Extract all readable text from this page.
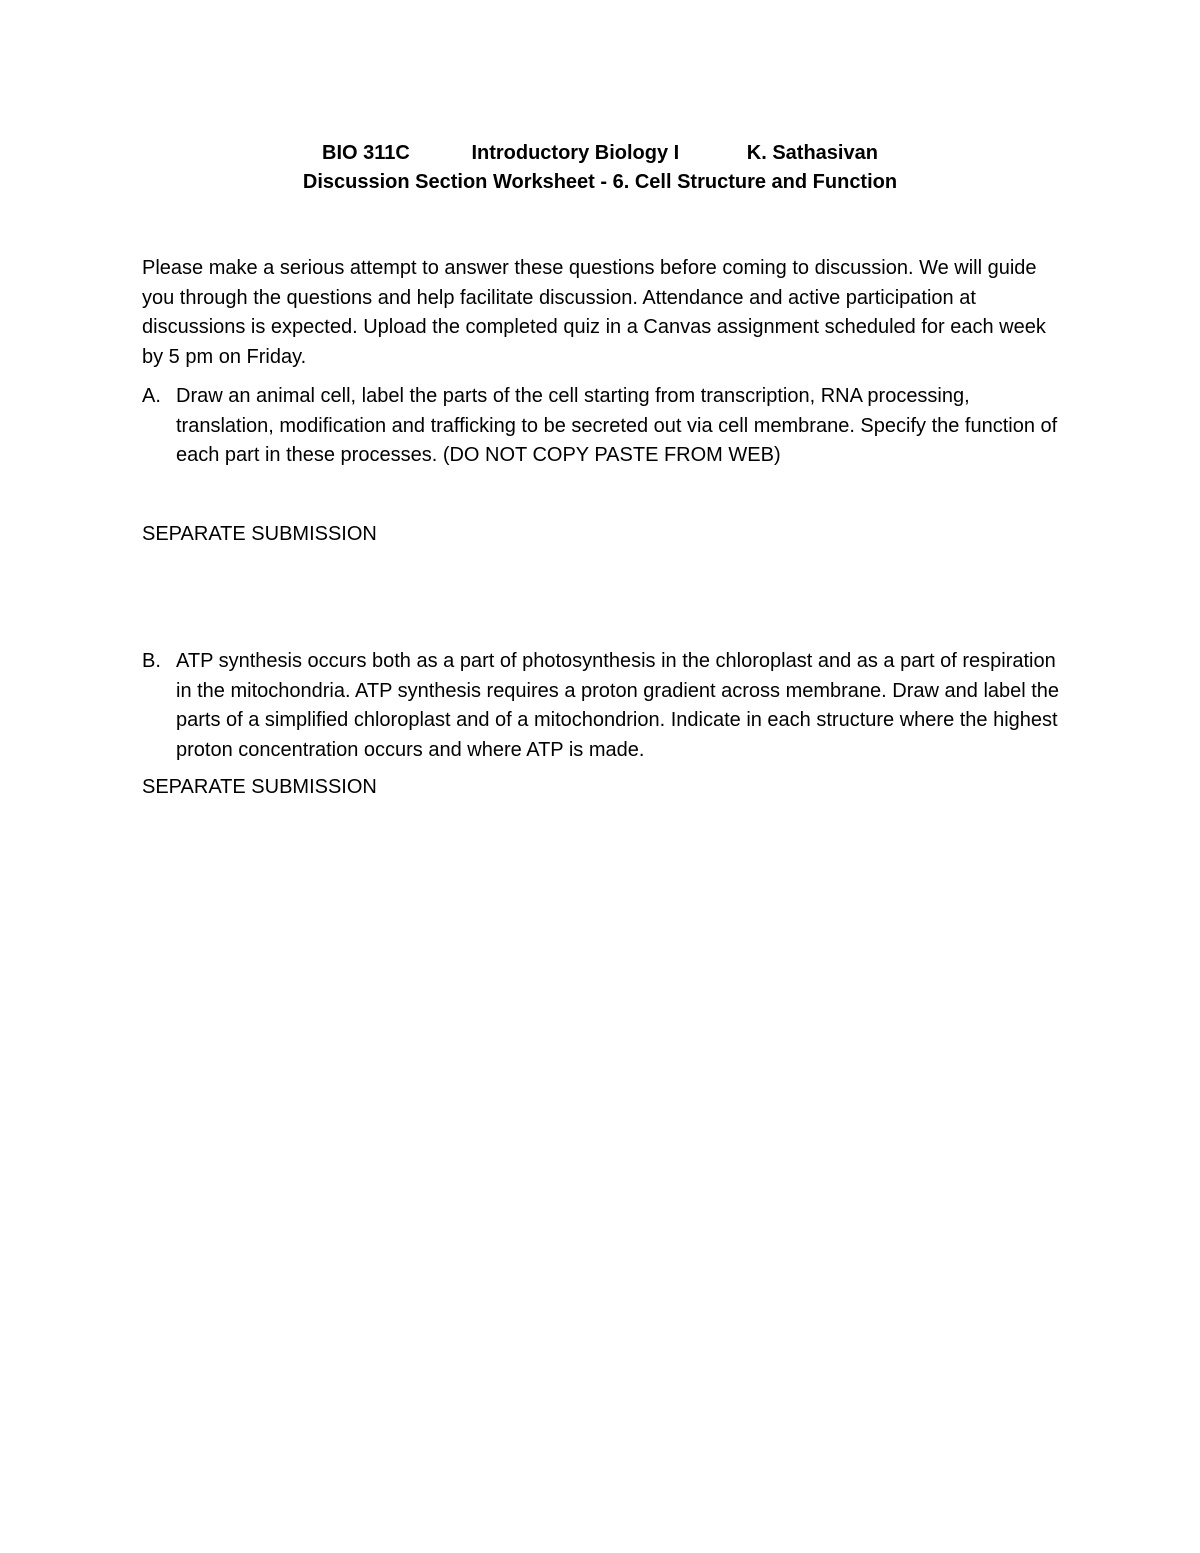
BIO 311C	Introductory Biology I	K. Sathasivan
Discussion Section Worksheet - 6. Cell Structure and Function
Please make a serious attempt to answer these questions before coming to discussion. We will guide you through the questions and help facilitate discussion. Attendance and active participation at discussions is expected. Upload the completed quiz in a Canvas assignment scheduled for each week by 5 pm on Friday.
A. Draw an animal cell, label the parts of the cell starting from transcription, RNA processing, translation, modification and trafficking to be secreted out via cell membrane. Specify the function of each part in these processes. (DO NOT COPY PASTE FROM WEB)
SEPARATE SUBMISSION
B. ATP synthesis occurs both as a part of photosynthesis in the chloroplast and as a part of respiration in the mitochondria. ATP synthesis requires a proton gradient across membrane. Draw and label the parts of a simplified chloroplast and of a mitochondrion. Indicate in each structure where the highest proton concentration occurs and where ATP is made.
SEPARATE SUBMISSION
